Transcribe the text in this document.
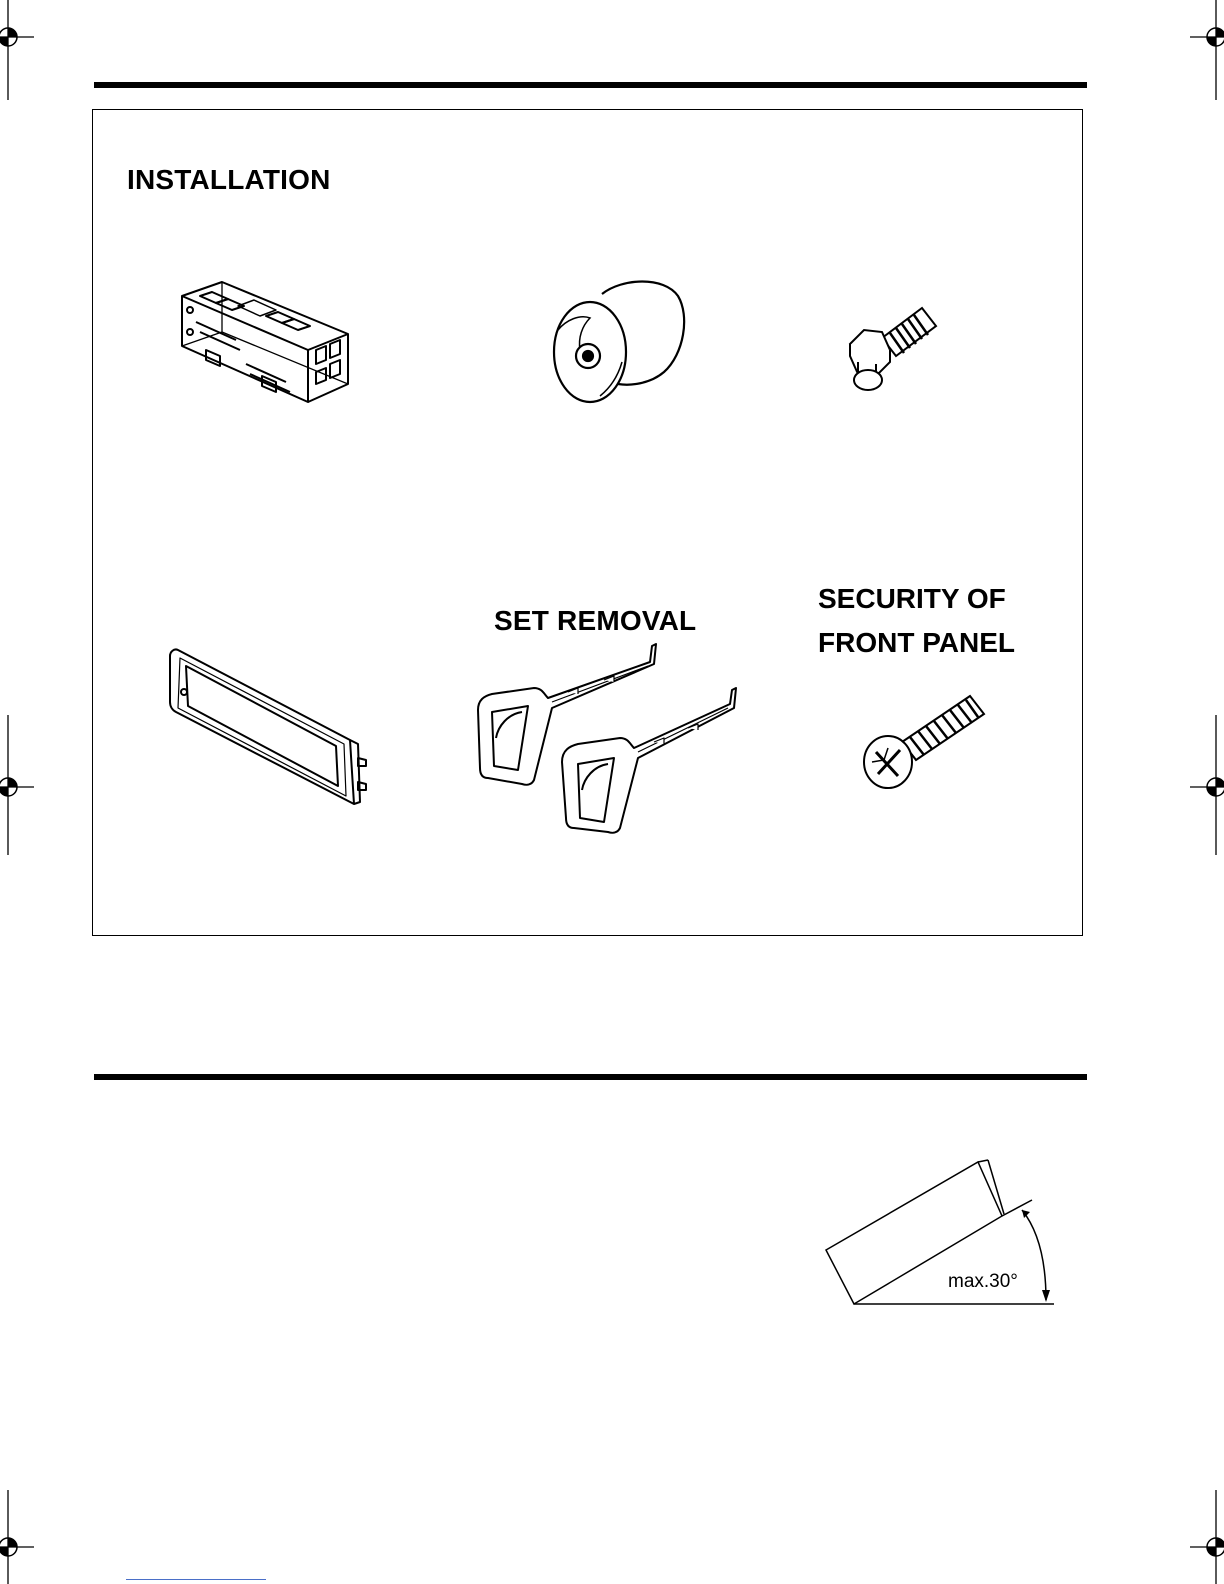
INSTALLATION
SET REMOVAL
SECURITY OF
FRONT PANEL
max.30°
